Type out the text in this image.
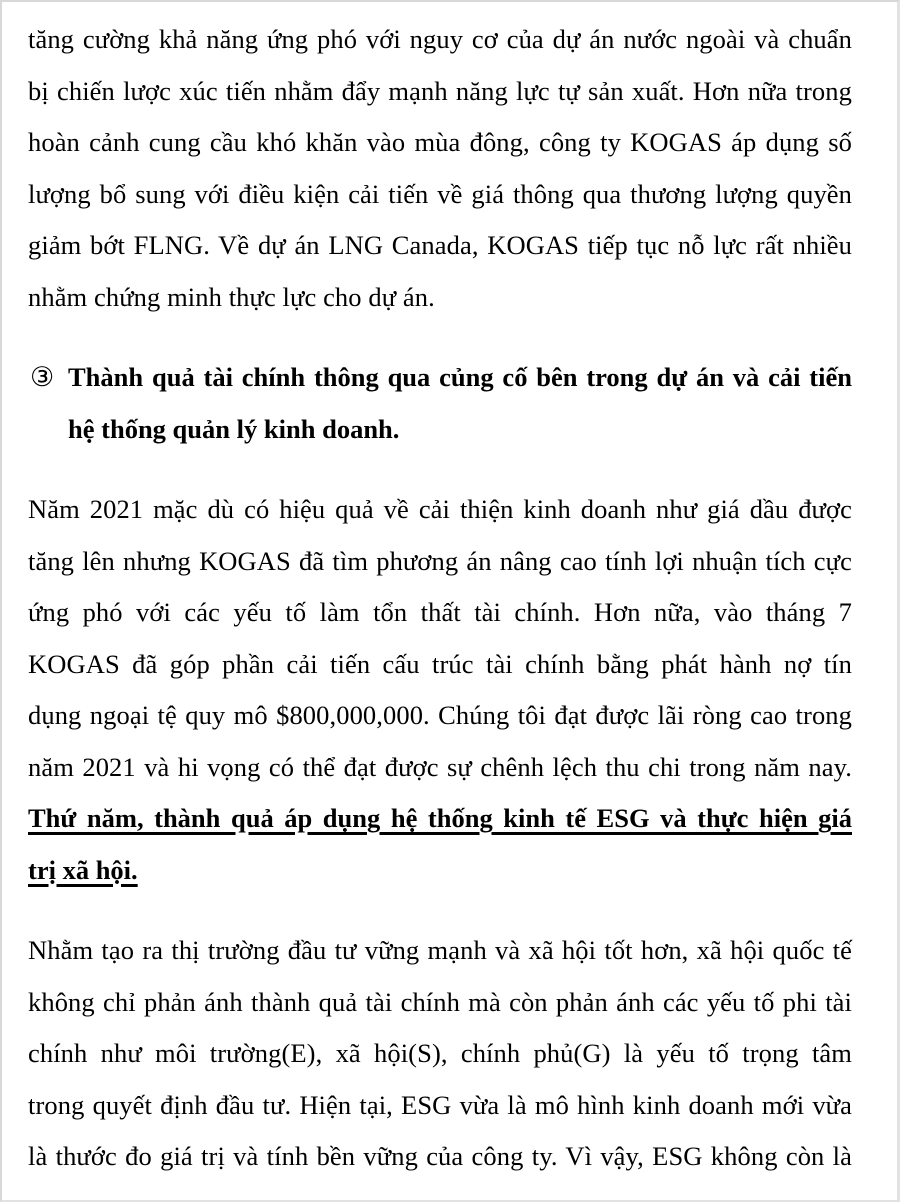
tăng cường khả năng ứng phó với nguy cơ của dự án nước ngoài và chuẩn
bị chiến lược xúc tiến nhằm đẩy mạnh năng lực tự sản xuất. Hơn nữa trong
hoàn cảnh cung cầu khó khăn vào mùa đông, công ty KOGAS áp dụng số
lượng bổ sung với điều kiện cải tiến về giá thông qua thương lượng quyền
giảm bớt FLNG. Về dự án LNG Canada, KOGAS tiếp tục nỗ lực rất nhiều
nhằm chứng minh thực lực cho dự án.
③ Thành quả tài chính thông qua củng cố bên trong dự án và cải tiến
hệ thống quản lý kinh doanh.
Năm 2021 mặc dù có hiệu quả về cải thiện kinh doanh như giá dầu được
tăng lên nhưng KOGAS đã tìm phương án nâng cao tính lợi nhuận tích cực
ứng phó với các yếu tố làm tổn thất tài chính. Hơn nữa, vào tháng 7
KOGAS đã góp phần cải tiến cấu trúc tài chính bằng phát hành nợ tín
dụng ngoại tệ quy mô $800,000,000. Chúng tôi đạt được lãi ròng cao trong
năm 2021 và hi vọng có thể đạt được sự chênh lệch thu chi trong năm nay.
Thứ năm, thành quả áp dụng hệ thống kinh tế ESG và thực hiện giá
trị xã hội.
Nhằm tạo ra thị trường đầu tư vững mạnh và xã hội tốt hơn, xã hội quốc tế
không chỉ phản ánh thành quả tài chính mà còn phản ánh các yếu tố phi tài
chính như môi trường(E), xã hội(S), chính phủ(G) là yếu tố trọng tâm
trong quyết định đầu tư. Hiện tại, ESG vừa là mô hình kinh doanh mới vừa
là thước đo giá trị và tính bền vững của công ty. Vì vậy, ESG không còn là
